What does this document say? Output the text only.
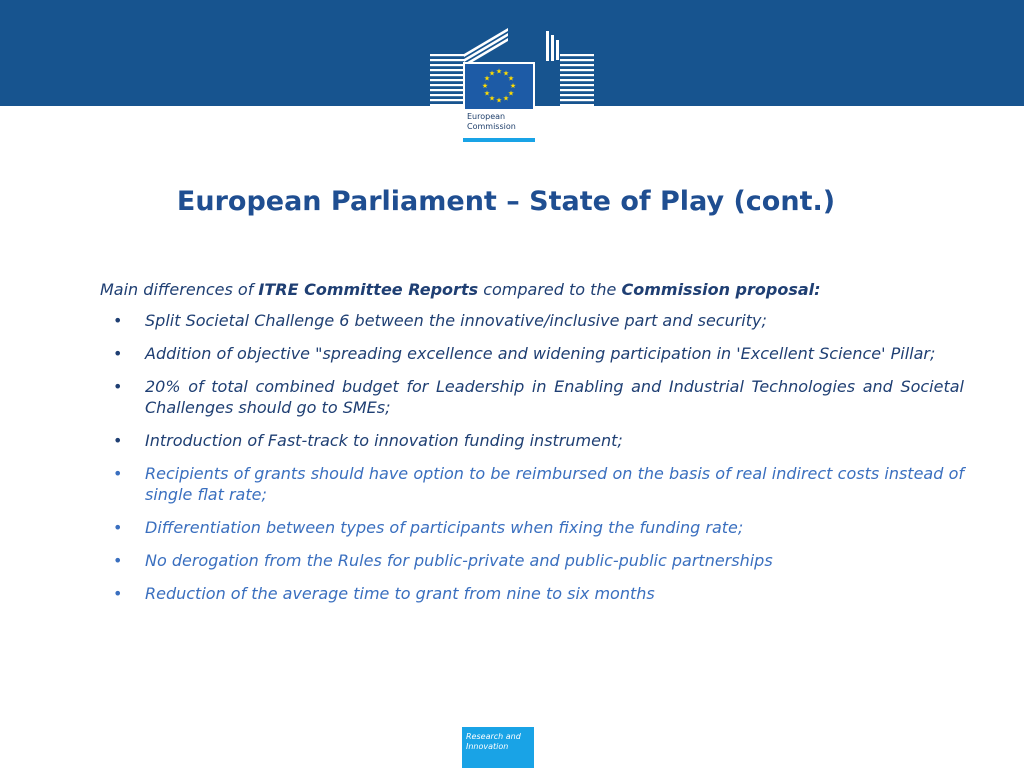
★ ★
★
★
★
★
★
★
★
★
★
★
European
Commission
European Parliament – State of Play (cont.)

Main differences of ITRE Committee Reports compared to the Commission proposal:

• Split Societal Challenge 6 between the innovative/inclusive part and security;
• Addition of objective "spreading excellence and widening participation in 'Excellent Science' Pillar;
• 20% of total combined budget for Leadership in Enabling and Industrial Technologies and Societal Challenges should go to SMEs;
• Introduction of Fast-track to innovation funding instrument;
• Recipients of grants should have option to be reimbursed on the basis of real indirect costs instead of single flat rate;
• Differentiation between types of participants when fixing the funding rate;
• No derogation from the Rules for public-private and public-public partnerships
• Reduction of the average time to grant from nine to six months
Research and
Innovation
